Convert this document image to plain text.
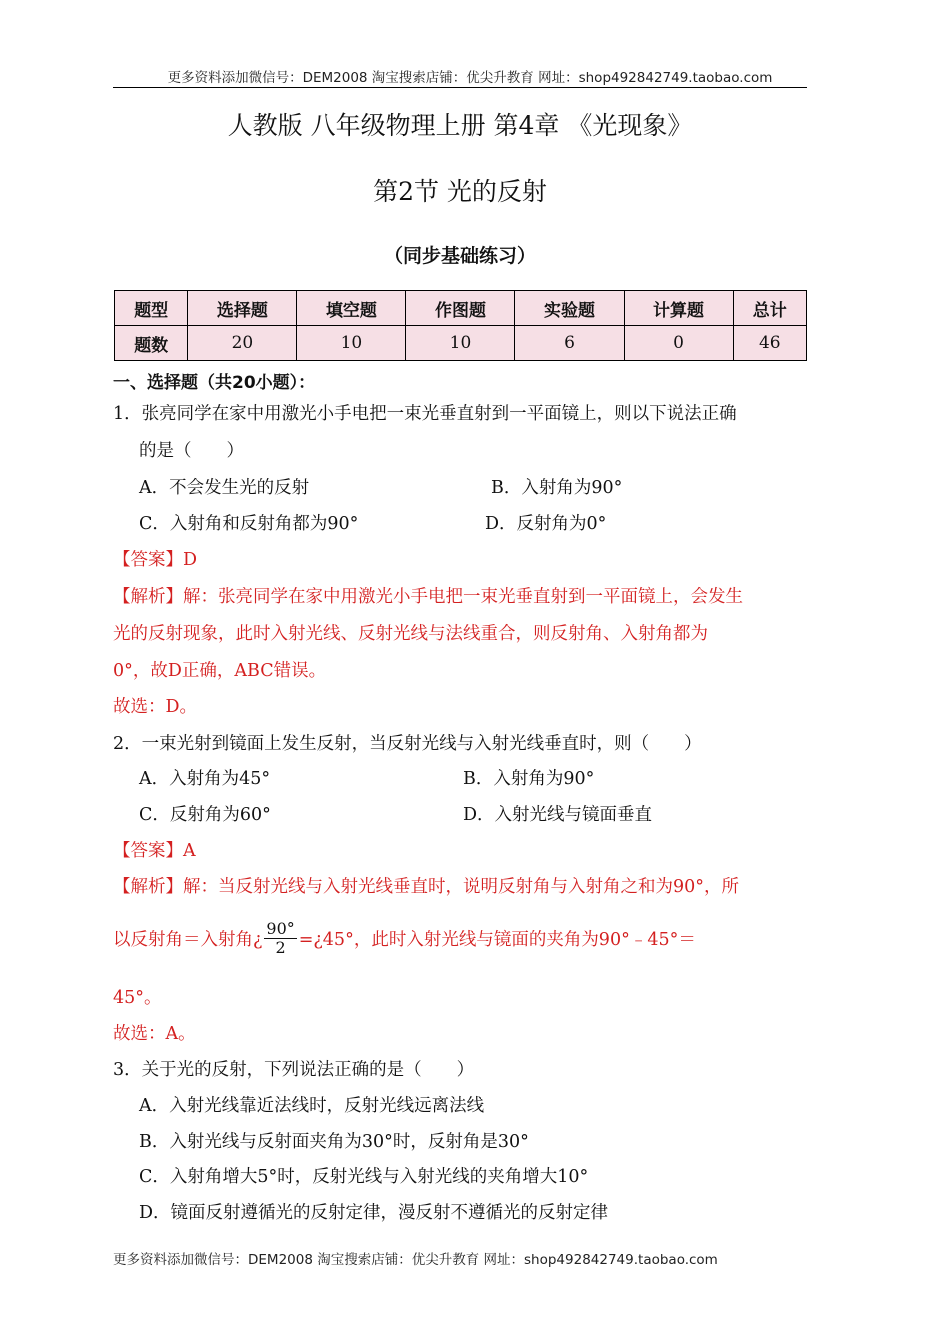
更多资料添加微信号：DEM2008 淘宝搜索店铺：优尖升教育 网址：shop492842749.taobao.com
人教版 八年级物理上册 第4章 《光现象》
第2节 光的反射
（同步基础练习）
题型	选择题	填空题	作图题	实验题	计算题	总计
题数	20	10	10	6	0	46
一、选择题（共20小题）：
1．张亮同学在家中用激光小手电把一束光垂直射到一平面镜上，则以下说法正确
的是（　　）
A．不会发生光的反射	B．入射角为90°
C．入射角和反射角都为90°	D．反射角为0°
【答案】D
【解析】解：张亮同学在家中用激光小手电把一束光垂直射到一平面镜上，会发生
光的反射现象，此时入射光线、反射光线与法线重合，则反射角、入射角都为
0°，故D正确，ABC错误。
故选：D。
2．一束光射到镜面上发生反射，当反射光线与入射光线垂直时，则（　　）
A．入射角为45°	B．入射角为90°
C．反射角为60°	D．入射光线与镜面垂直
【答案】A
【解析】解：当反射光线与入射光线垂直时，说明反射角与入射角之和为90°，所
以反射角＝入射角¿ $\frac{90^\circ}{2}$ =¿45°，此时入射光线与镜面的夹角为90°﹣45°＝
45°。
故选：A。
3．关于光的反射，下列说法正确的是（　　）
A．入射光线靠近法线时，反射光线远离法线
B．入射光线与反射面夹角为30°时，反射角是30°
C．入射角增大5°时，反射光线与入射光线的夹角增大10°
D．镜面反射遵循光的反射定律，漫反射不遵循光的反射定律
更多资料添加微信号：DEM2008 淘宝搜索店铺：优尖升教育 网址：shop492842749.taobao.com
